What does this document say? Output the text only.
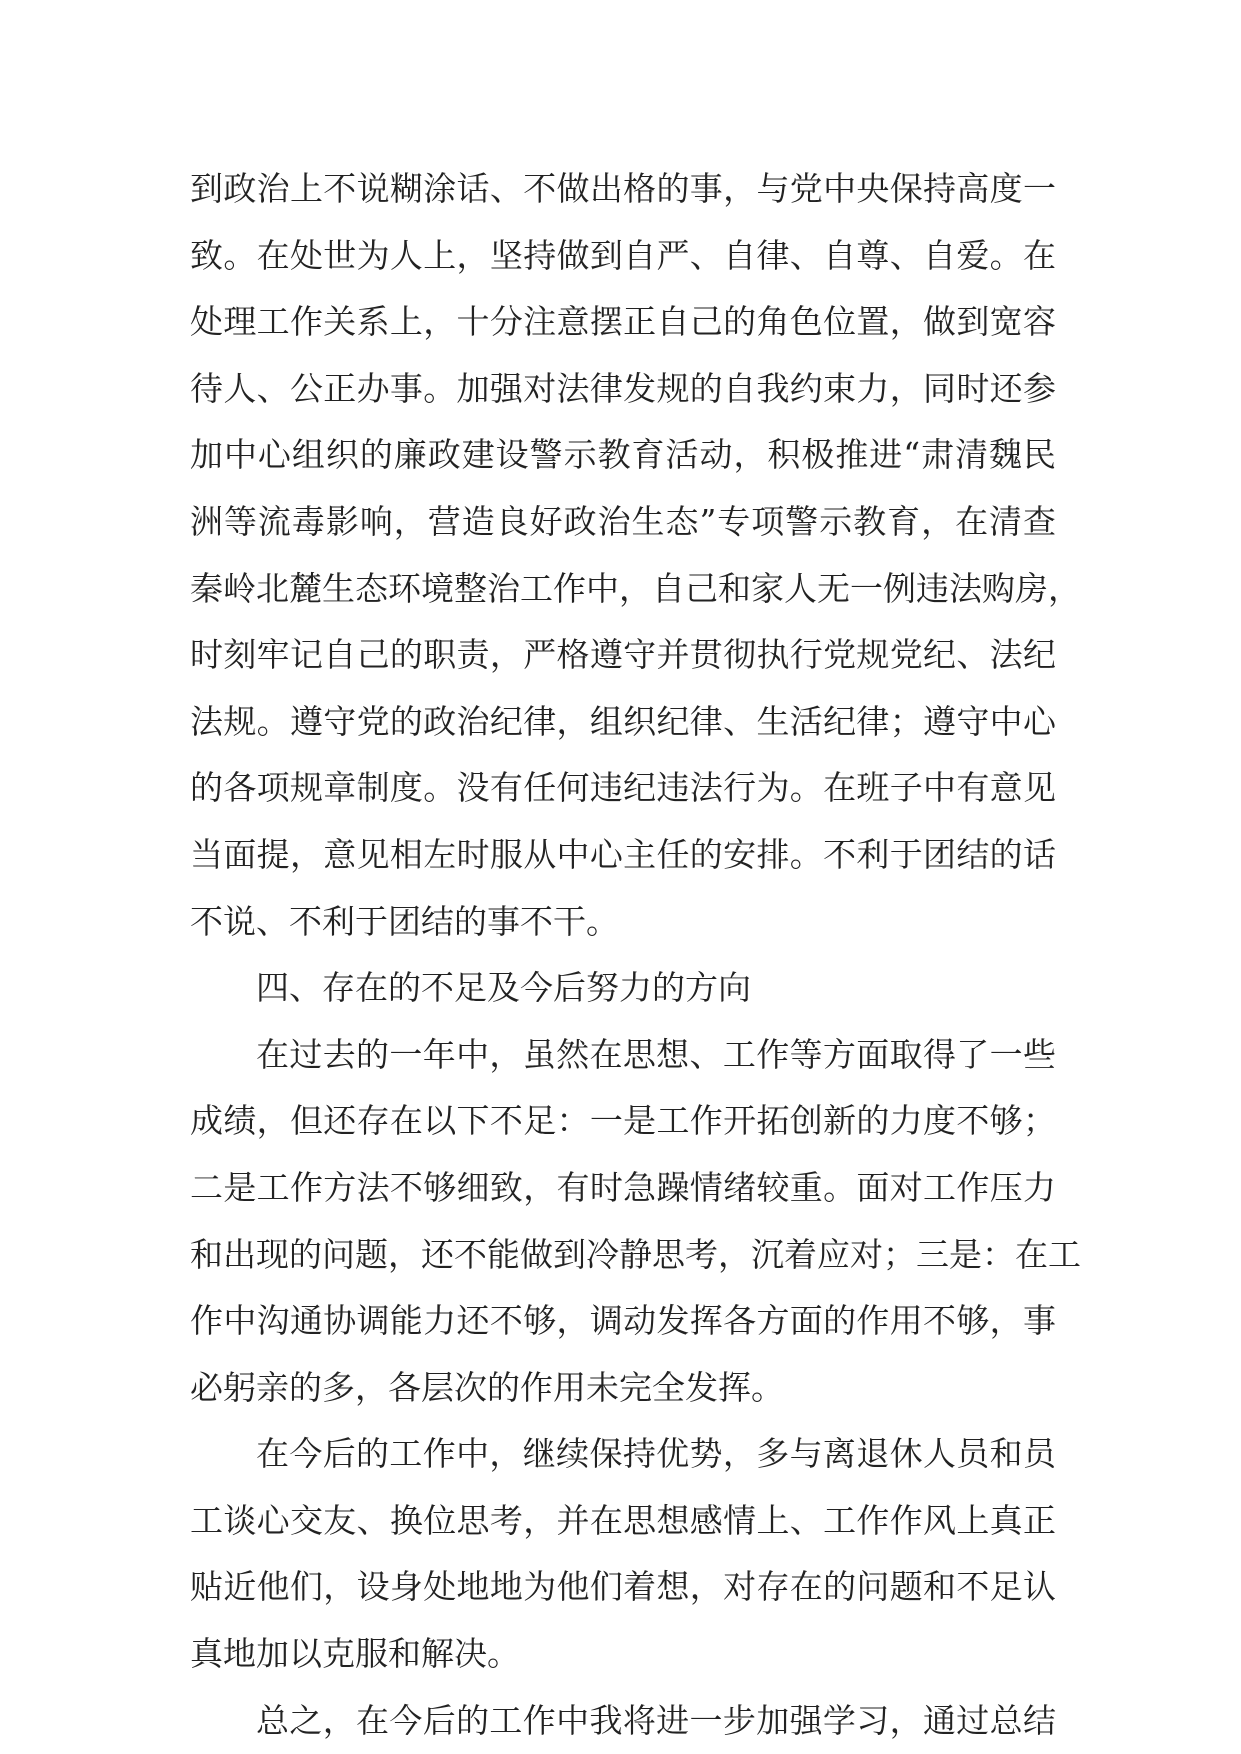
到政治上不说糊涂话、不做出格的事，与党中央保持高度一
致。在处世为人上，坚持做到自严、自律、自尊、自爱。在
处理工作关系上，十分注意摆正自己的角色位置，做到宽容
待人、公正办事。加强对法律发规的自我约束力，同时还参
加中心组织的廉政建设警示教育活动，积极推进“肃清魏民
洲等流毒影响，营造良好政治生态”专项警示教育，在清查
秦岭北麓生态环境整治工作中，自己和家人无一例违法购房，
时刻牢记自己的职责，严格遵守并贯彻执行党规党纪、法纪
法规。遵守党的政治纪律，组织纪律、生活纪律；遵守中心
的各项规章制度。没有任何违纪违法行为。在班子中有意见
当面提，意见相左时服从中心主任的安排。不利于团结的话
不说、不利于团结的事不干。
四、存在的不足及今后努力的方向
在过去的一年中，虽然在思想、工作等方面取得了一些
成绩，但还存在以下不足：一是工作开拓创新的力度不够；
二是工作方法不够细致，有时急躁情绪较重。面对工作压力
和出现的问题，还不能做到冷静思考，沉着应对；三是：在工
作中沟通协调能力还不够，调动发挥各方面的作用不够，事
必躬亲的多，各层次的作用未完全发挥。
在今后的工作中，继续保持优势，多与离退休人员和员
工谈心交友、换位思考，并在思想感情上、工作作风上真正
贴近他们，设身处地地为他们着想，对存在的问题和不足认
真地加以克服和解决。
总之，在今后的工作中我将进一步加强学习，通过总结
